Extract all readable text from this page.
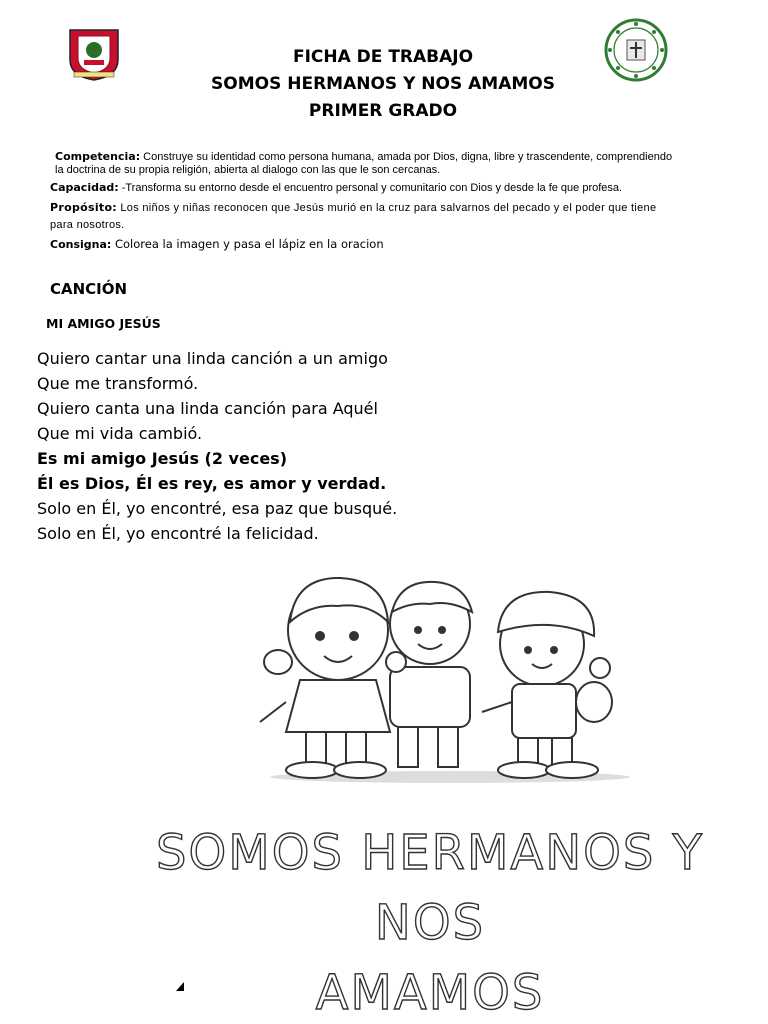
FICHA DE TRABAJO
SOMOS HERMANOS Y NOS AMAMOS
PRIMER GRADO

Competencia: Construye su identidad como persona humana, amada por Dios, digna, libre y trascendente, comprendiendo la doctrina de su propia religión, abierta al dialogo con las que le son cercanas.

Capacidad: -Transforma su entorno desde el encuentro personal y comunitario con Dios y desde la fe que profesa.

Propósito: Los niños y niñas reconocen que Jesús murió en la cruz para salvarnos del pecado y el poder que tiene para nosotros.

Consigna: Colorea la imagen y pasa el lápiz en la oracion

CANCIÓN
MI AMIGO JESÚS
Quiero cantar una linda canción a un amigo
Que me transformó.
Quiero canta una linda canción para Aquél
Que mi vida cambió.
Es mi amigo Jesús (2 veces)
Él es Dios, Él es rey, es amor y verdad.
Solo en Él, yo encontré, esa paz que busqué.
Solo en Él, yo encontré la felicidad.
SOMOS HERMANOS Y NOS
AMAMOS
